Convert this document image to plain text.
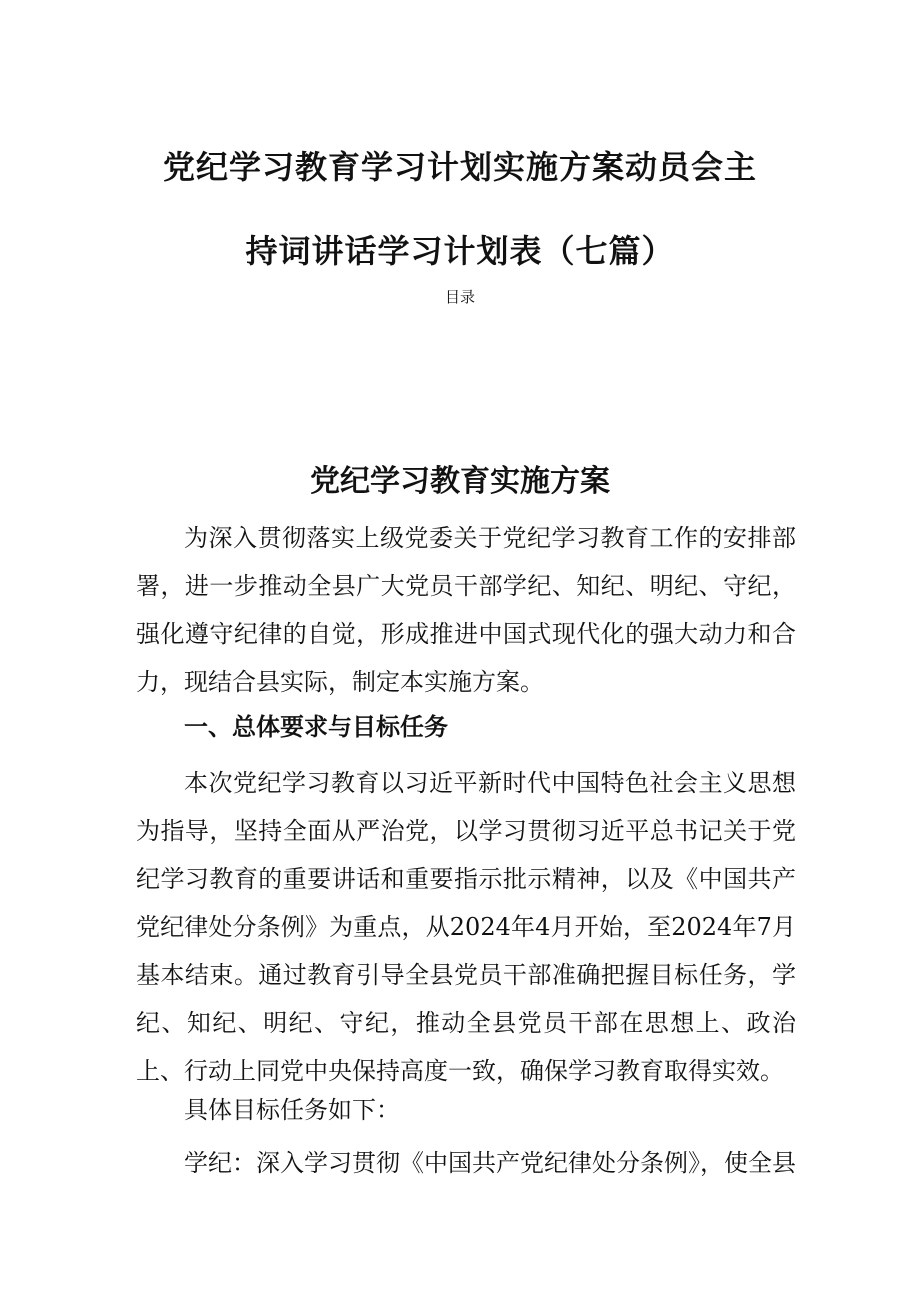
党纪学习教育学习计划实施方案动员会主
持词讲话学习计划表（七篇）
目录
党纪学习教育实施方案

为深入贯彻落实上级党委关于党纪学习教育工作的安排部署，进一步推动全县广大党员干部学纪、知纪、明纪、守纪，强化遵守纪律的自觉，形成推进中国式现代化的强大动力和合力，现结合县实际，制定本实施方案。

一、总体要求与目标任务

本次党纪学习教育以习近平新时代中国特色社会主义思想为指导，坚持全面从严治党，以学习贯彻习近平总书记关于党纪学习教育的重要讲话和重要指示批示精神，以及《中国共产党纪律处分条例》为重点，从2024年4月开始，至2024年7月基本结束。通过教育引导全县党员干部准确把握目标任务，学纪、知纪、明纪、守纪，推动全县党员干部在思想上、政治上、行动上同党中央保持高度一致，确保学习教育取得实效。

具体目标任务如下：

学纪：深入学习贯彻《中国共产党纪律处分条例》，使全县
